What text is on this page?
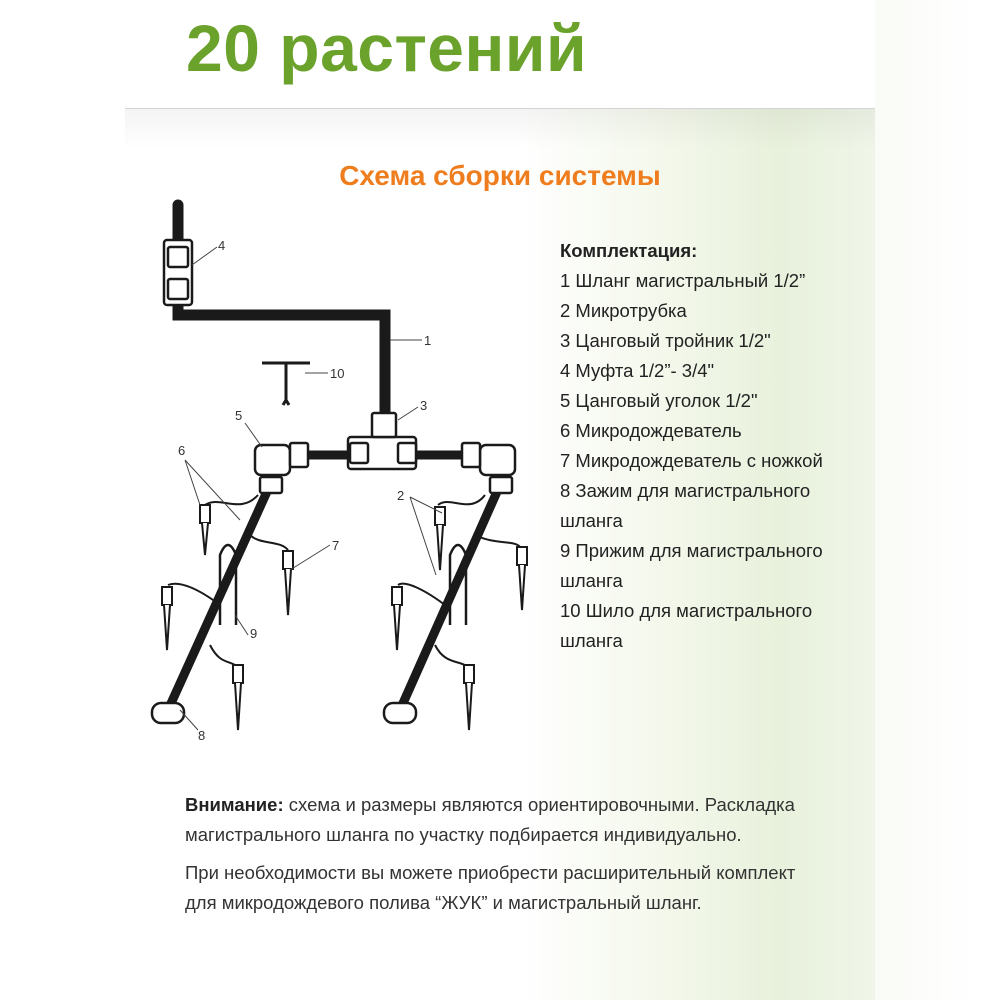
20 растений
Схема сборки системы
4
1
3
5
6
2
7
9
8
10
Комплектация:
1 Шланг магистральный 1/2”
2 Микротрубка
3 Цанговый тройник 1/2"
4 Муфта 1/2”- 3/4"
5 Цанговый уголок 1/2"
6 Микродождеватель
7 Микродождеватель с ножкой
8 Зажим для магистрального шланга
9 Прижим для магистрального шланга
10 Шило для магистрального шланга

Внимание: схема и размеры являются ориентировочными. Раскладка магистрального шланга по участку подбирается индивидуально.

При необходимости вы можете приобрести расширительный комплект для микродождевого полива “ЖУК” и магистральный шланг.
